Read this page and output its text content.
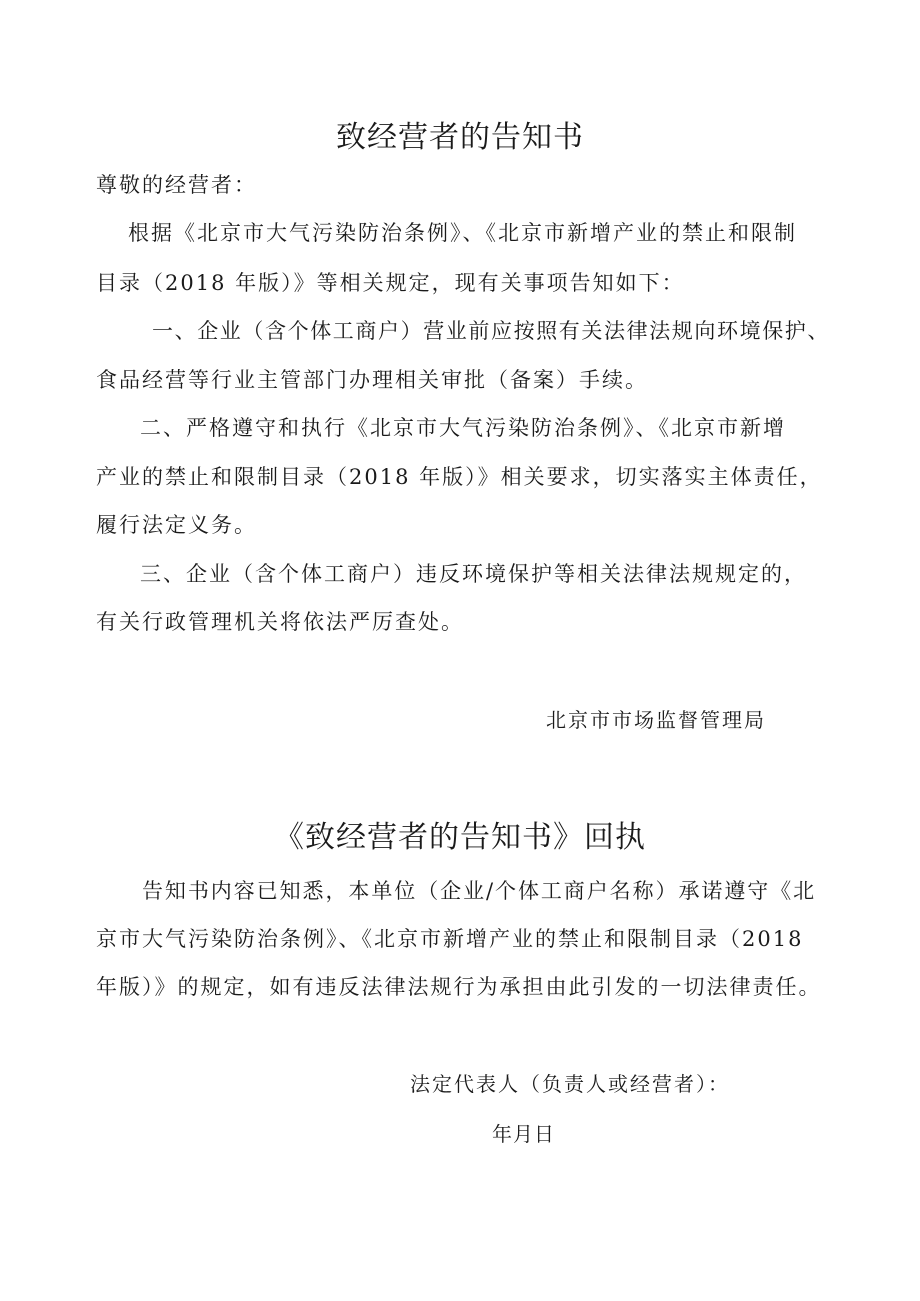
致经营者的告知书

尊敬的经营者：

根据《北京市大气污染防治条例》、《北京市新增产业的禁止和限制

目录（2018 年版）》等相关规定，现有关事项告知如下：

一、企业（含个体工商户）营业前应按照有关法律法规向环境保护、

食品经营等行业主管部门办理相关审批（备案）手续。

二、严格遵守和执行《北京市大气污染防治条例》、《北京市新增

产业的禁止和限制目录（2018 年版）》相关要求，切实落实主体责任，

履行法定义务。

三、企业（含个体工商户）违反环境保护等相关法律法规规定的，

有关行政管理机关将依法严厉查处。

北京市市场监督管理局
《致经营者的告知书》回执

告知书内容已知悉，本单位（企业/个体工商户名称）承诺遵守《北

京市大气污染防治条例》、《北京市新增产业的禁止和限制目录（2018

年版）》的规定，如有违反法律法规行为承担由此引发的一切法律责任。

法定代表人（负责人或经营者）：
年月日
